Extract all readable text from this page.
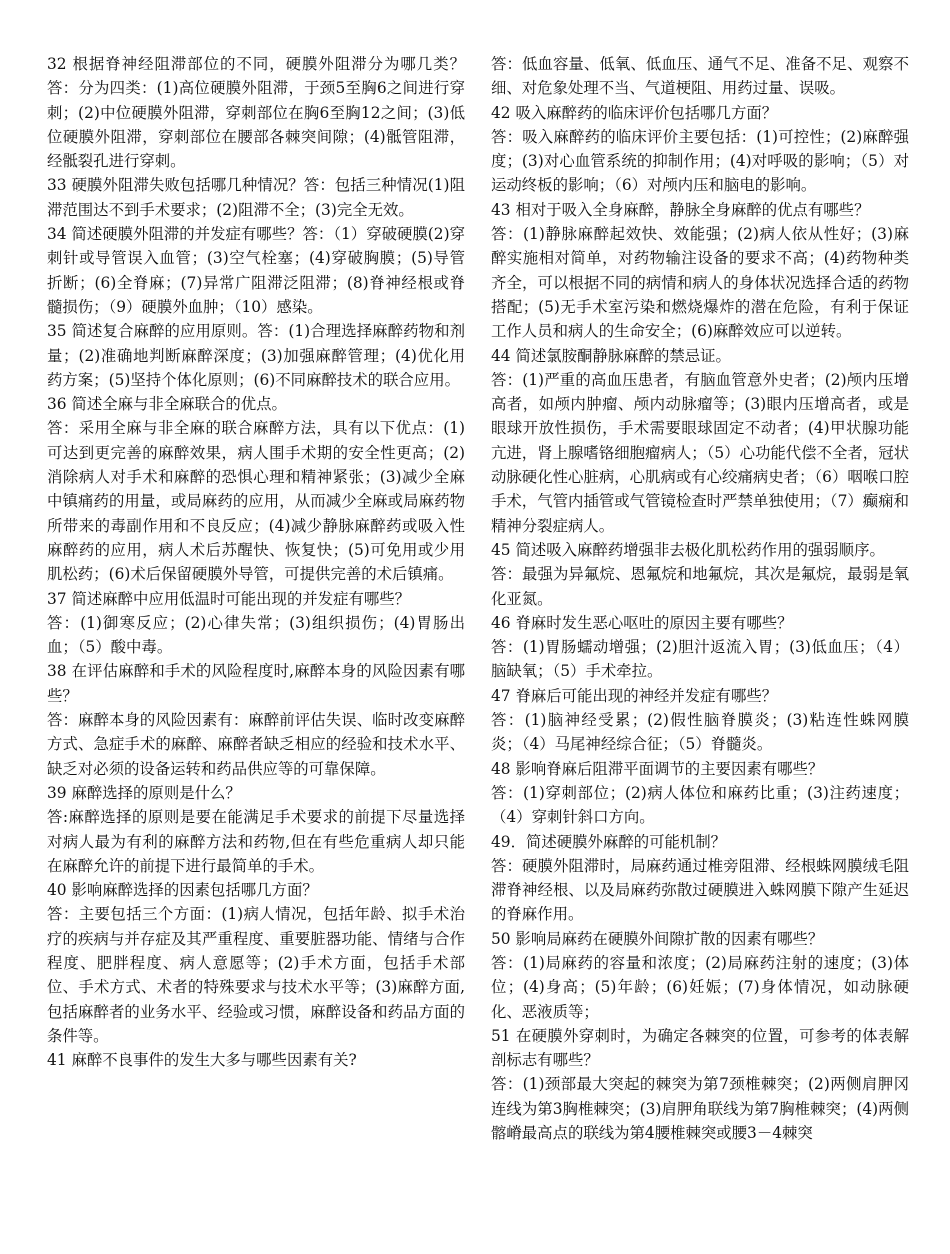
32 根据脊神经阻滞部位的不同，硬膜外阻滞分为哪几类？答：分为四类：(1)高位硬膜外阻滞，于颈5至胸6之间进行穿刺；(2)中位硬膜外阻滞，穿刺部位在胸6至胸12之间；(3)低位硬膜外阻滞，穿刺部位在腰部各棘突间隙；(4)骶管阻滞，经骶裂孔进行穿刺。

33 硬膜外阻滞失败包括哪几种情况？答：包括三种情况(1)阻滞范围达不到手术要求；(2)阻滞不全；(3)完全无效。

34 简述硬膜外阻滞的并发症有哪些？答：（1）穿破硬膜(2)穿刺针或导管误入血管；(3)空气栓塞；(4)穿破胸膜；(5)导管折断；(6)全脊麻；(7)异常广阻滞泛阻滞；(8)脊神经根或脊髓损伤；（9）硬膜外血肿；（10）感染。

35 简述复合麻醉的应用原则。答：(1)合理选择麻醉药物和剂量；(2)准确地判断麻醉深度；(3)加强麻醉管理；(4)优化用药方案；(5)坚持个体化原则；(6)不同麻醉技术的联合应用。

36 简述全麻与非全麻联合的优点。

答：采用全麻与非全麻的联合麻醉方法，具有以下优点：(1)可达到更完善的麻醉效果，病人围手术期的安全性更高；(2)消除病人对手术和麻醉的恐惧心理和精神紧张；(3)减少全麻中镇痛药的用量，或局麻药的应用，从而减少全麻或局麻药物所带来的毒副作用和不良反应；(4)减少静脉麻醉药或吸入性麻醉药的应用，病人术后苏醒快、恢复快；(5)可免用或少用肌松药；(6)术后保留硬膜外导管，可提供完善的术后镇痛。

37 简述麻醉中应用低温时可能出现的并发症有哪些？

答：(1)御寒反应；(2)心律失常；(3)组织损伤；(4)胃肠出血；（5）酸中毒。

38 在评估麻醉和手术的风险程度时,麻醉本身的风险因素有哪些？

答：麻醉本身的风险因素有：麻醉前评估失误、临时改变麻醉方式、急症手术的麻醉、麻醉者缺乏相应的经验和技术水平、缺乏对必须的设备运转和药品供应等的可靠保障。

39 麻醉选择的原则是什么？

答:麻醉选择的原则是要在能满足手术要求的前提下尽量选择对病人最为有利的麻醉方法和药物,但在有些危重病人却只能在麻醉允许的前提下进行最简单的手术。

40 影响麻醉选择的因素包括哪几方面？

答：主要包括三个方面：(1)病人情况，包括年龄、拟手术治疗的疾病与并存症及其严重程度、重要脏器功能、情绪与合作程度、肥胖程度、病人意愿等；(2)手术方面，包括手术部位、手术方式、术者的特殊要求与技术水平等；(3)麻醉方面,包括麻醉者的业务水平、经验或习惯，麻醉设备和药品方面的条件等。

41 麻醉不良事件的发生大多与哪些因素有关?

答：低血容量、低氧、低血压、通气不足、准备不足、观察不细、对危象处理不当、气道梗阻、用药过量、误吸。

42 吸入麻醉药的临床评价包括哪几方面？

答：吸入麻醉药的临床评价主要包括：(1)可控性；(2)麻醉强度；(3)对心血管系统的抑制作用；(4)对呼吸的影响；（5）对运动终板的影响；（6）对颅内压和脑电的影响。

43 相对于吸入全身麻醉，静脉全身麻醉的优点有哪些？

答：(1)静脉麻醉起效快、效能强；(2)病人依从性好；(3)麻醉实施相对简单，对药物输注设备的要求不高；(4)药物种类齐全，可以根据不同的病情和病人的身体状况选择合适的药物搭配；(5)无手术室污染和燃烧爆炸的潜在危险，有利于保证工作人员和病人的生命安全；(6)麻醉效应可以逆转。

44 简述氯胺酮静脉麻醉的禁忌证。

答：(1)严重的高血压患者，有脑血管意外史者；(2)颅内压增高者，如颅内肿瘤、颅内动脉瘤等；(3)眼内压增高者，或是眼球开放性损伤，手术需要眼球固定不动者；(4)甲状腺功能亢进，肾上腺嗜铬细胞瘤病人；（5）心功能代偿不全者，冠状动脉硬化性心脏病，心肌病或有心绞痛病史者；（6）咽喉口腔手术，气管内插管或气管镜检查时严禁单独使用；（7）癫痫和精神分裂症病人。

45 简述吸入麻醉药增强非去极化肌松药作用的强弱顺序。

答：最强为异氟烷、恩氟烷和地氟烷，其次是氟烷，最弱是氧化亚氮。

46 脊麻时发生恶心呕吐的原因主要有哪些？

答：(1)胃肠蠕动增强；(2)胆汁返流入胃；(3)低血压；（4）脑缺氧；（5）手术牵拉。

47 脊麻后可能出现的神经并发症有哪些？

答：(1)脑神经受累；(2)假性脑脊膜炎；(3)粘连性蛛网膜炎；（4）马尾神经综合征；（5）脊髓炎。

48 影响脊麻后阻滞平面调节的主要因素有哪些？

答：(1)穿刺部位；(2)病人体位和麻药比重；(3)注药速度；（4）穿刺针斜口方向。

49．简述硬膜外麻醉的可能机制？

答：硬膜外阻滞时，局麻药通过椎旁阻滞、经根蛛网膜绒毛阻滞脊神经根、以及局麻药弥散过硬膜进入蛛网膜下隙产生延迟的脊麻作用。

50 影响局麻药在硬膜外间隙扩散的因素有哪些？

答：(1)局麻药的容量和浓度；(2)局麻药注射的速度；(3)体位；(4)身高；(5)年龄；(6)妊娠；(7)身体情况，如动脉硬化、恶液质等；

51 在硬膜外穿刺时，为确定各棘突的位置，可参考的体表解剖标志有哪些？

答：(1)颈部最大突起的棘突为第7颈椎棘突；(2)两侧肩胛冈连线为第3胸椎棘突；(3)肩胛角联线为第7胸椎棘突；(4)两侧髂嵴最高点的联线为第4腰椎棘突或腰3－4棘突
